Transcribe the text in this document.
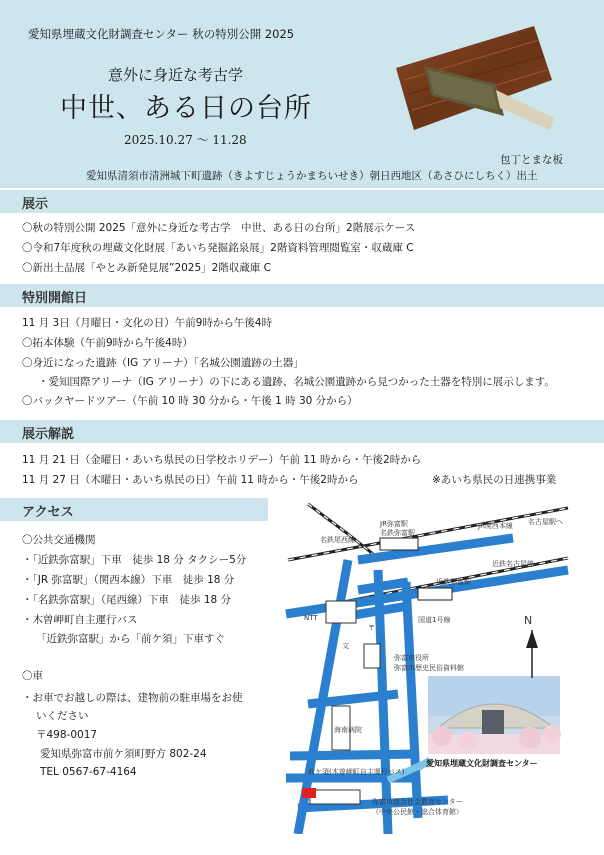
愛知県埋蔵文化財調査センター 秋の特別公開 2025
意外に身近な考古学
中世、ある日の台所
2025.10.27 ～ 11.28
包丁とまな板
愛知県清須市清洲城下町遺跡（きよすじょうかまちいせき）朝日西地区（あさひにしちく）出土
展示
〇秋の特別公開 2025「意外に身近な考古学　中世、ある日の台所」2階展示ケース
〇令和7年度秋の埋蔵文化財展「あいち発掘銘泉展」2階資料管理閲覧室・収蔵庫 C
〇新出土品展「やとみ新発見展”2025」2階収蔵庫 C
特別開館日
11 月 3日（月曜日・文化の日）午前9時から午後4時
〇拓本体験（午前9時から午後4時）
〇身近になった遺跡（IG アリーナ）「名城公園遺跡の土器」
・愛知国際アリーナ（IG アリーナ）の下にある遺跡、名城公園遺跡から見つかった土器を特別に展示します。
〇バックヤードツアー（午前 10 時 30 分から・午後 1 時 30 分から）
展示解説
11 月 21 日（金曜日・あいち県民の日学校ホリデー）午前 11 時から・午後2時から
11 月 27 日（木曜日・あいち県民の日）午前 11 時から・午後2時から	※あいち県民の日連携事業
アクセス
〇公共交通機関
・「近鉄弥富駅」下車　徒歩 18 分 タクシー5分
・「JR 弥富駅」（関西本線）下車　徒歩 18 分
・「名鉄弥富駅」（尾西線）下車　徒歩 18 分
・木曽岬町自主運行バス
「近鉄弥富駅」から「前ケ須」下車すぐ
〇車
・お車でお越しの際は、建物前の駐車場をお使
いください
〒498-0017
愛知県弥富市前ケ須町野方 802-24
TEL 0567-67-4164
JR弥富駅
名鉄弥富駅
JR関西本線 名古屋駅へ
名鉄尾西線
近鉄名古屋線
近鉄弥富駅
NTT	国道1号線
〒
文
弥富市役所
弥富市歴史民俗資料館
海南病院
前ケ須(木曽岬町自主運行バス)
N
愛知県埋蔵文化財調査センター
弥富市総合社会教育センター
（中央公民館・総合体育館）
